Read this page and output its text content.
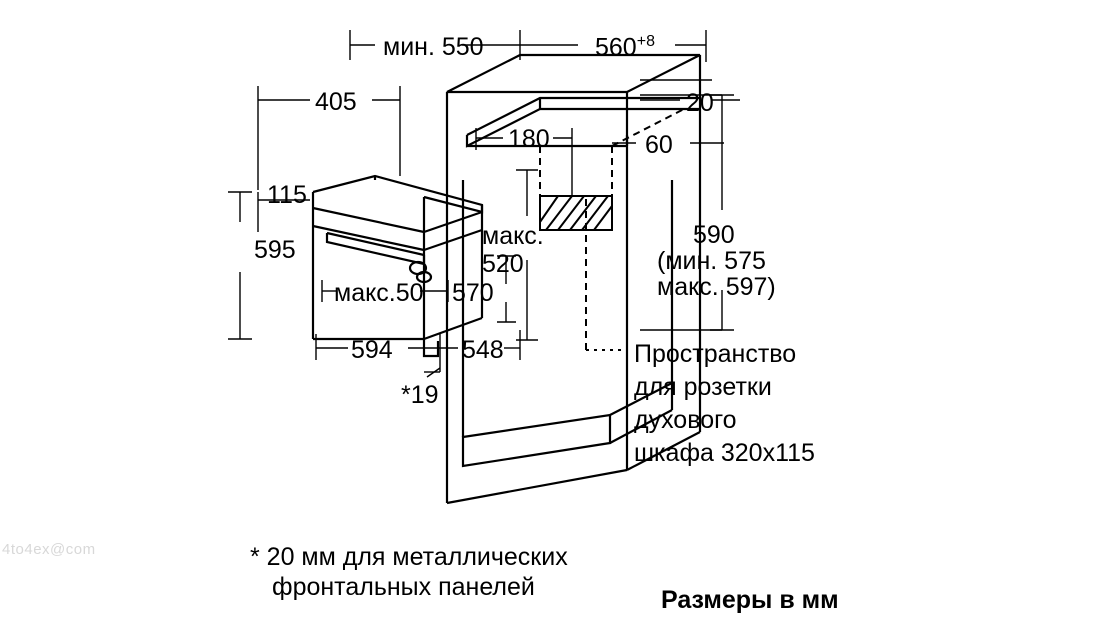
мин. 550	$560^{+8}$
405	20
180	60
115
595	макс.
520
590
(мин. 575
макс. 597)
макс.50 570
594	548
*19
Пространство
для розетки
духового
шкафа 320х115
* 20 мм для металлических
фронтальных панелей	Размеры в мм
4to4ex@com
